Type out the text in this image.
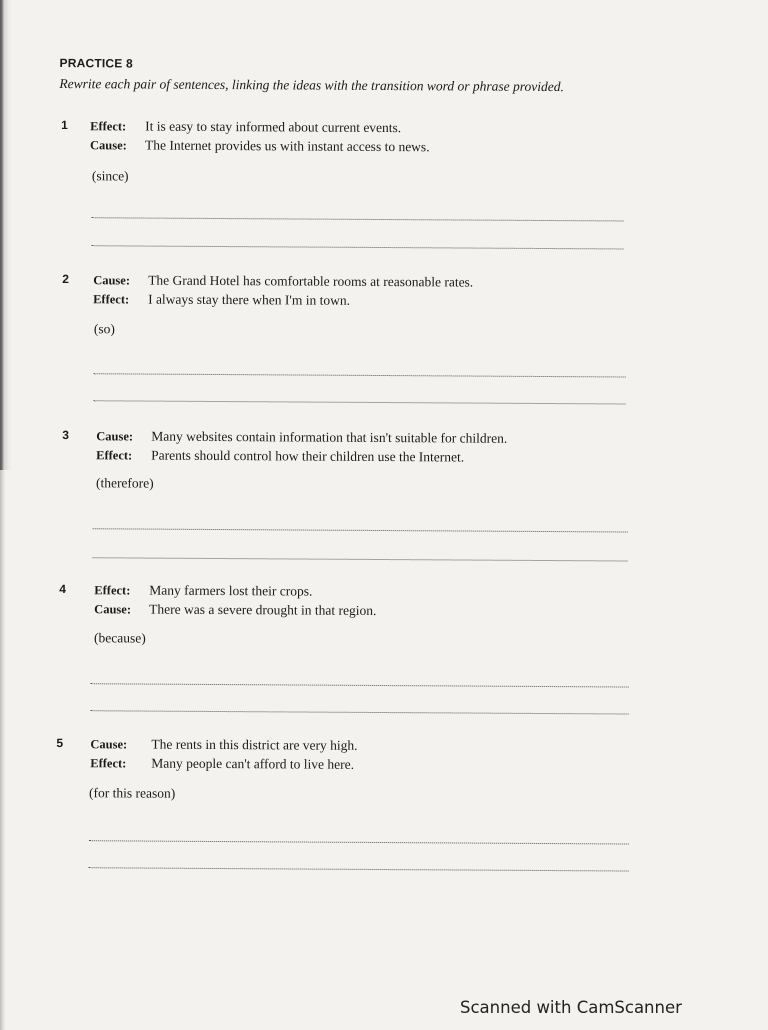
PRACTICE 8
Rewrite each pair of sentences, linking the ideas with the transition word or phrase provided.
1 Effect: It is easy to stay informed about current events.
Cause: The Internet provides us with instant access to news.
(since)
2 Cause: The Grand Hotel has comfortable rooms at reasonable rates.
Effect: I always stay there when I'm in town.
(so)
3 Cause: Many websites contain information that isn't suitable for children.
Effect: Parents should control how their children use the Internet.
(therefore)
4 Effect: Many farmers lost their crops.
Cause: There was a severe drought in that region.
(because)
5 Cause: The rents in this district are very high.
Effect: Many people can't afford to live here.
(for this reason)
Scanned with CamScanner
